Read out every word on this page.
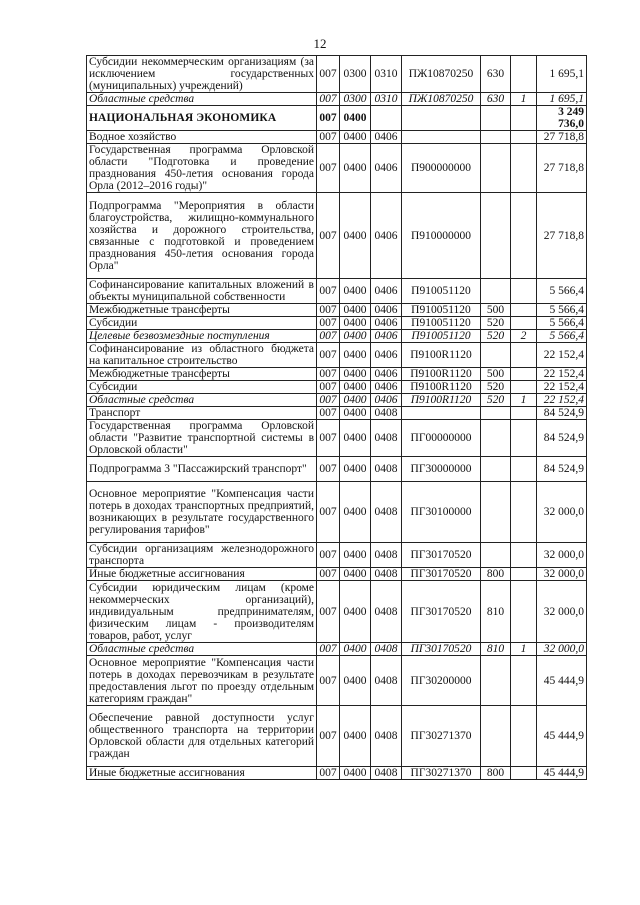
12
Субсидии некоммерческим организациям (за исключением государственных (муниципальных) учреждений)	007	0300	0310	ПЖ10870250	630		1 695,1
Областные средства	007	0300	0310	ПЖ10870250	630	1	1 695,1
НАЦИОНАЛЬНАЯ ЭКОНОМИКА	007	0400					3 249 736,0
Водное хозяйство	007	0400	0406				27 718,8
Государственная программа Орловской области "Подготовка и проведение празднования 450-летия основания города Орла (2012–2016 годы)"	007	0400	0406	П900000000			27 718,8
Подпрограмма "Мероприятия в области благоустройства, жилищно-коммунального хозяйства и дорожного строительства, связанные с подготовкой и проведением празднования 450-летия основания города Орла"	007	0400	0406	П910000000			27 718,8
Софинансирование капитальных вложений в объекты муниципальной собственности	007	0400	0406	П910051120			5 566,4
Межбюджетные трансферты	007	0400	0406	П910051120	500		5 566,4
Субсидии	007	0400	0406	П910051120	520		5 566,4
Целевые безвозмездные поступления	007	0400	0406	П910051120	520	2	5 566,4
Софинансирование из областного бюджета на капитальное строительство	007	0400	0406	П9100R1120			22 152,4
Межбюджетные трансферты	007	0400	0406	П9100R1120	500		22 152,4
Субсидии	007	0400	0406	П9100R1120	520		22 152,4
Областные средства	007	0400	0406	П9100R1120	520	1	22 152,4
Транспорт	007	0400	0408				84 524,9
Государственная программа Орловской области "Развитие транспортной системы в Орловской области"	007	0400	0408	ПГ00000000			84 524,9
Подпрограмма 3 "Пассажирский транспорт"	007	0400	0408	ПГ30000000			84 524,9
Основное мероприятие "Компенсация части потерь в доходах транспортных предприятий, возникающих в результате государственного регулирования тарифов"	007	0400	0408	ПГ30100000			32 000,0
Субсидии организациям железнодорожного транспорта	007	0400	0408	ПГ30170520			32 000,0
Иные бюджетные ассигнования	007	0400	0408	ПГ30170520	800		32 000,0
Субсидии юридическим лицам (кроме некоммерческих организаций), индивидуальным предпринимателям, физическим лицам - производителям товаров, работ, услуг	007	0400	0408	ПГ30170520	810		32 000,0
Областные средства	007	0400	0408	ПГ30170520	810	1	32 000,0
Основное мероприятие "Компенсация части потерь в доходах перевозчикам в результате предоставления льгот по проезду отдельным категориям граждан"	007	0400	0408	ПГ30200000			45 444,9
Обеспечение равной доступности услуг общественного транспорта на территории Орловской области для отдельных категорий граждан	007	0400	0408	ПГ30271370			45 444,9
Иные бюджетные ассигнования	007	0400	0408	ПГ30271370	800		45 444,9
